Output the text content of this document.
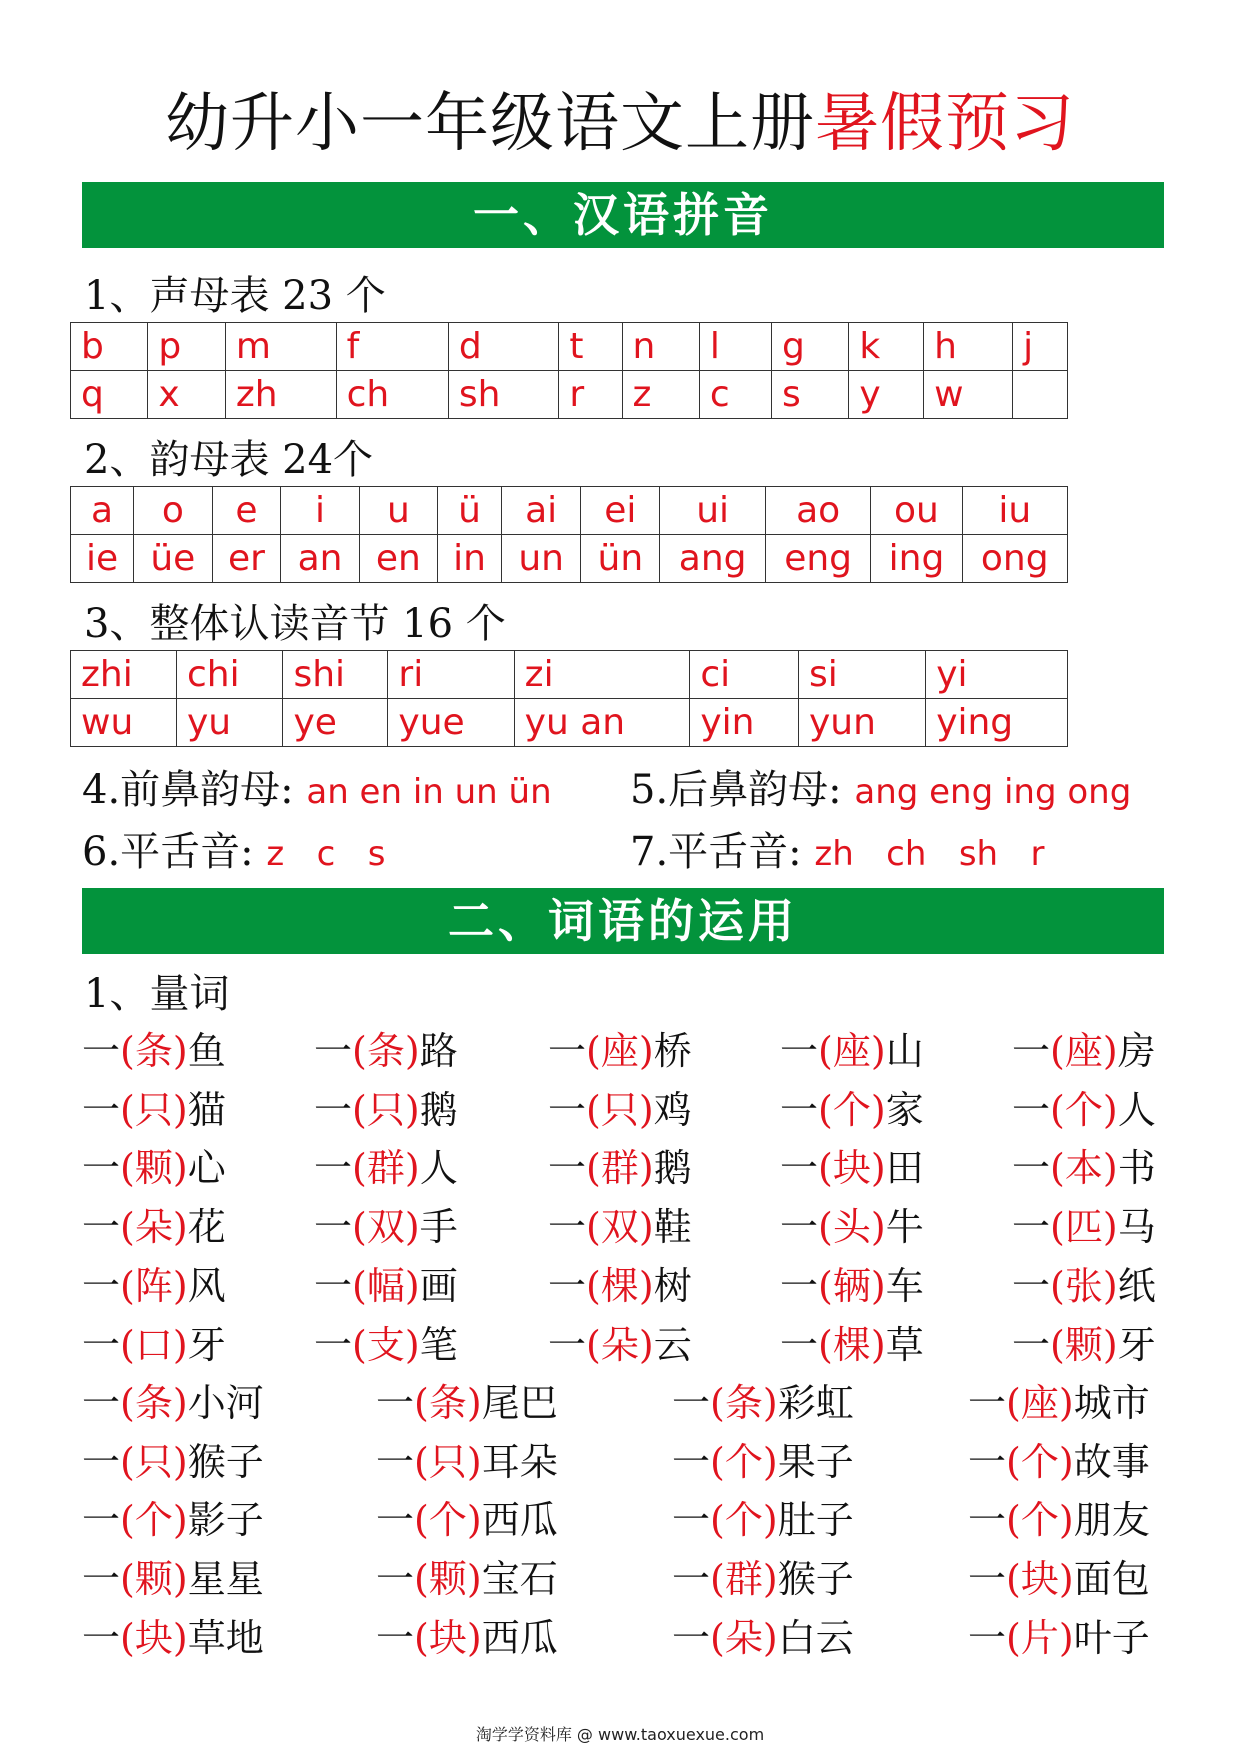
幼升小一年级语文上册暑假预习
一、汉语拼音
1、声母表 23 个
b	p	m	f	d	t	n	l	g	k	h	j
q	x	zh	ch	sh	r	z	c	s	y	w	
2、韵母表 24个
a	o	e	i	u	ü	ai	ei	ui	ao	ou	iu
ie	üe	er	an	en	in	un	ün	ang	eng	ing	ong
3、整体认读音节 16 个
zhi	chi	shi	ri	zi	ci	si	yi
wu	yu	ye	yue	yu an	yin	yun	ying
4.前鼻韵母: an en in un ün 5.后鼻韵母: ang eng ing ong
6.平舌音: z   c   s	7.平舌音: zh   ch   sh   r
二、词语的运用
1、量词
一(条)鱼 一(条)路 一(座)桥 一(座)山 一(座)房
一(只)猫 一(只)鹅 一(只)鸡 一(个)家 一(个)人
一(颗)心 一(群)人 一(群)鹅 一(块)田 一(本)书
一(朵)花 一(双)手 一(双)鞋 一(头)牛 一(匹)马
一(阵)风 一(幅)画 一(棵)树 一(辆)车 一(张)纸
一(口)牙 一(支)笔 一(朵)云 一(棵)草 一(颗)牙
一(条)小河	一(条)尾巴	一(条)彩虹	一(座)城市
一(只)猴子	一(只)耳朵	一(个)果子	一(个)故事
一(个)影子	一(个)西瓜	一(个)肚子	一(个)朋友
一(颗)星星	一(颗)宝石	一(群)猴子	一(块)面包
一(块)草地	一(块)西瓜	一(朵)白云	一(片)叶子
淘学学资料库 @ www.taoxuexue.com
